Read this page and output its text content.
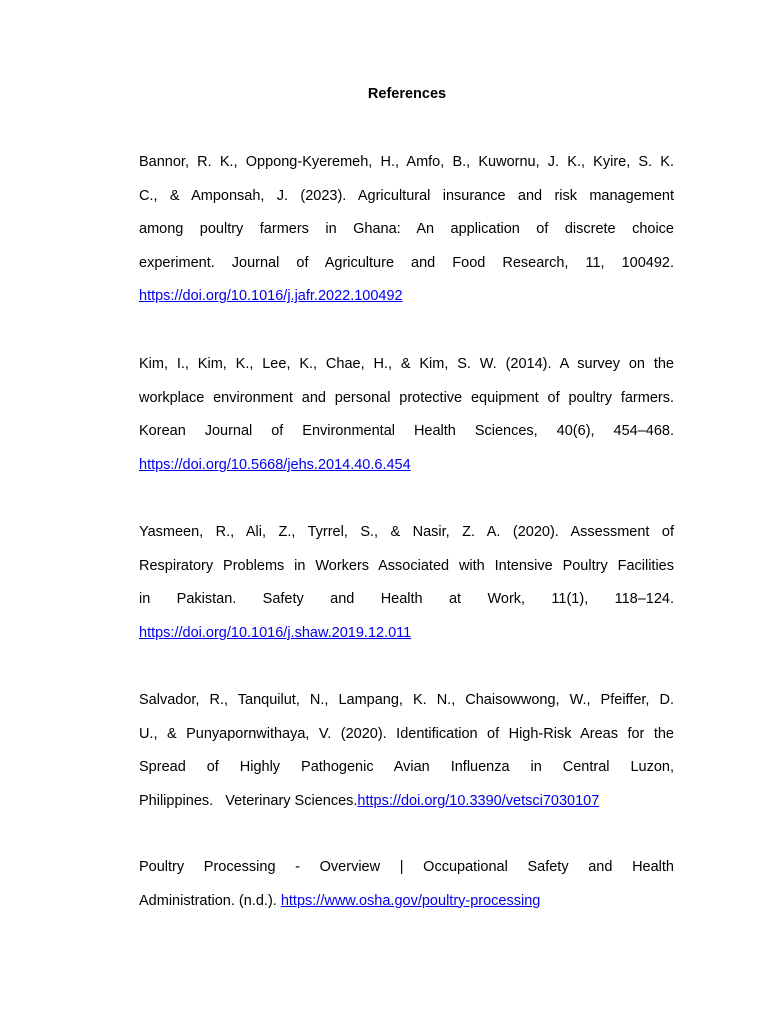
References
Bannor, R. K., Oppong-Kyeremeh, H., Amfo, B., Kuwornu, J. K., Kyire, S. K.
C., & Amponsah, J. (2023). Agricultural insurance and risk management
among poultry farmers in Ghana: An application of discrete choice
experiment. Journal of Agriculture and Food Research, 11, 100492.
https://doi.org/10.1016/j.jafr.2022.100492
Kim, I., Kim, K., Lee, K., Chae, H., & Kim, S. W. (2014). A survey on the
workplace environment and personal protective equipment of poultry farmers.
Korean Journal of Environmental Health Sciences, 40(6), 454–468.
https://doi.org/10.5668/jehs.2014.40.6.454
Yasmeen, R., Ali, Z., Tyrrel, S., & Nasir, Z. A. (2020). Assessment of
Respiratory Problems in Workers Associated with Intensive Poultry Facilities
in Pakistan. Safety and Health at Work, 11(1), 118–124.
https://doi.org/10.1016/j.shaw.2019.12.011
Salvador, R., Tanquilut, N., Lampang, K. N., Chaisowwong, W., Pfeiffer, D.
U., & Punyapornwithaya, V. (2020). Identification of High-Risk Areas for the
Spread of Highly Pathogenic Avian Influenza in Central Luzon,
Philippines.   Veterinary Sciences.https://doi.org/10.3390/vetsci7030107
Poultry Processing - Overview | Occupational Safety and Health
Administration. (n.d.). https://www.osha.gov/poultry-processing
